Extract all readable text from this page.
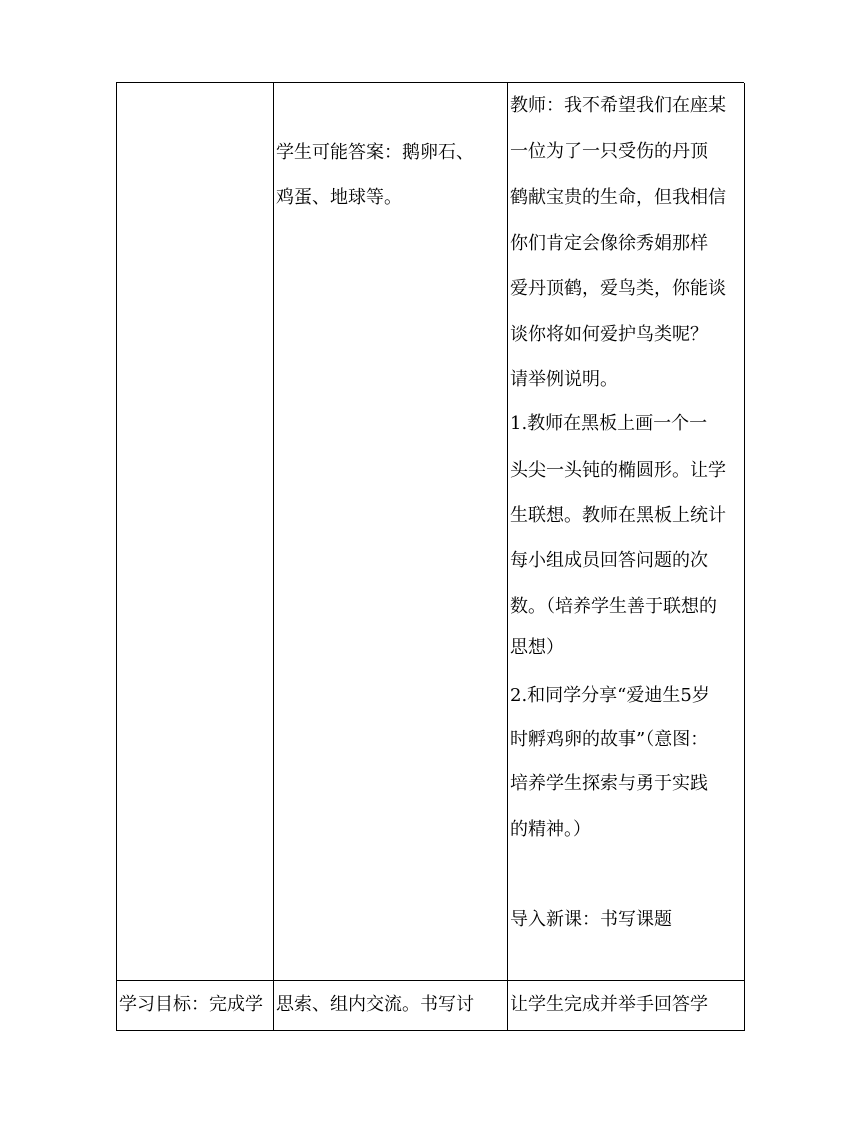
学生可能答案：鹅卵石、
鸡蛋、地球等。
教师：我不希望我们在座某
一位为了一只受伤的丹顶
鹤献宝贵的生命，但我相信
你们肯定会像徐秀娟那样
爱丹顶鹤，爱鸟类，你能谈
谈你将如何爱护鸟类呢？
请举例说明。
1.教师在黑板上画一个一
头尖一头钝的椭圆形。让学
生联想。教师在黑板上统计
每小组成员回答问题的次
数。（培养学生善于联想的
思想）
2.和同学分享“爱迪生5岁
时孵鸡卵的故事”（意图：
培养学生探索与勇于实践
的精神。）
导入新课：书写课题
学习目标：完成学 思索、组内交流。书写讨 让学生完成并举手回答学
